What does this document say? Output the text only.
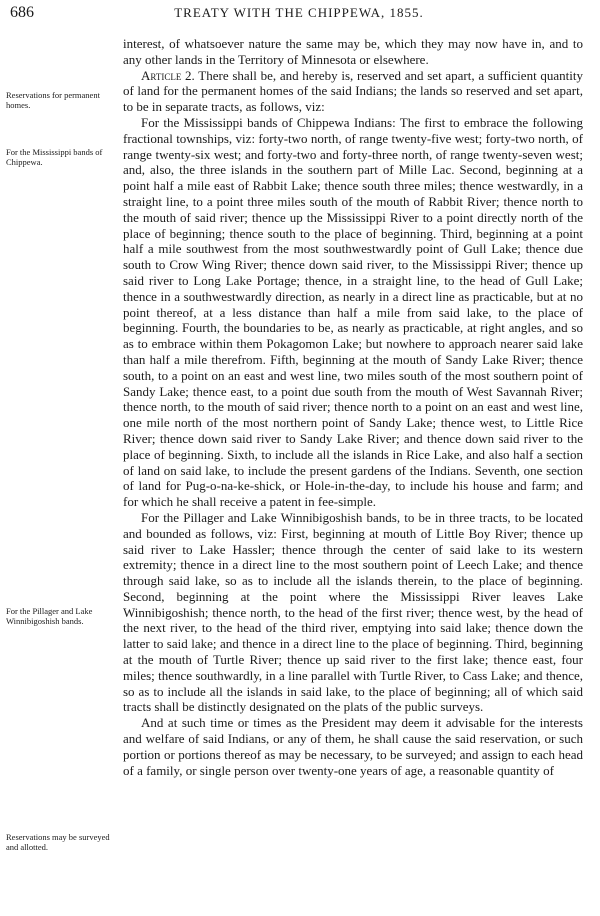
686	TREATY WITH THE CHIPPEWA, 1855.
Reservations for permanent homes.
For the Mississippi bands of Chippewa.
For the Pillager and Lake Winnibigoshish bands.
Reservations may be surveyed and allotted.

interest, of whatsoever nature the same may be, which they may now have in, and to any other lands in the Territory of Minnesota or elsewhere.

Article 2. There shall be, and hereby is, reserved and set apart, a sufficient quantity of land for the permanent homes of the said Indians; the lands so reserved and set apart, to be in separate tracts, as follows, viz:

For the Mississippi bands of Chippewa Indians: The first to embrace the following fractional townships, viz: forty-two north, of range twenty-five west; forty-two north, of range twenty-six west; and forty-two and forty-three north, of range twenty-seven west; and, also, the three islands in the southern part of Mille Lac. Second, beginning at a point half a mile east of Rabbit Lake; thence south three miles; thence westwardly, in a straight line, to a point three miles south of the mouth of Rabbit River; thence north to the mouth of said river; thence up the Mississippi River to a point directly north of the place of beginning; thence south to the place of beginning. Third, beginning at a point half a mile southwest from the most southwestwardly point of Gull Lake; thence due south to Crow Wing River; thence down said river, to the Mississippi River; thence up said river to Long Lake Portage; thence, in a straight line, to the head of Gull Lake; thence in a southwestwardly direction, as nearly in a direct line as practicable, but at no point thereof, at a less distance than half a mile from said lake, to the place of beginning. Fourth, the boundaries to be, as nearly as practicable, at right angles, and so as to embrace within them Pokagomon Lake; but nowhere to approach nearer said lake than half a mile therefrom. Fifth, beginning at the mouth of Sandy Lake River; thence south, to a point on an east and west line, two miles south of the most southern point of Sandy Lake; thence east, to a point due south from the mouth of West Savannah River; thence north, to the mouth of said river; thence north to a point on an east and west line, one mile north of the most northern point of Sandy Lake; thence west, to Little Rice River; thence down said river to Sandy Lake River; and thence down said river to the place of beginning. Sixth, to include all the islands in Rice Lake, and also half a section of land on said lake, to include the present gardens of the Indians. Seventh, one section of land for Pug-o-na-ke-shick, or Hole-in-the-day, to include his house and farm; and for which he shall receive a patent in fee-simple.

For the Pillager and Lake Winnibigoshish bands, to be in three tracts, to be located and bounded as follows, viz: First, beginning at mouth of Little Boy River; thence up said river to Lake Hassler; thence through the center of said lake to its western extremity; thence in a direct line to the most southern point of Leech Lake; and thence through said lake, so as to include all the islands therein, to the place of beginning. Second, beginning at the point where the Mississippi River leaves Lake Winnibigoshish; thence north, to the head of the first river; thence west, by the head of the next river, to the head of the third river, emptying into said lake; thence down the latter to said lake; and thence in a direct line to the place of beginning. Third, beginning at the mouth of Turtle River; thence up said river to the first lake; thence east, four miles; thence southwardly, in a line parallel with Turtle River, to Cass Lake; and thence, so as to include all the islands in said lake, to the place of beginning; all of which said tracts shall be distinctly designated on the plats of the public surveys.

And at such time or times as the President may deem it advisable for the interests and welfare of said Indians, or any of them, he shall cause the said reservation, or such portion or portions thereof as may be necessary, to be surveyed; and assign to each head of a family, or single person over twenty-one years of age, a reasonable quantity of
